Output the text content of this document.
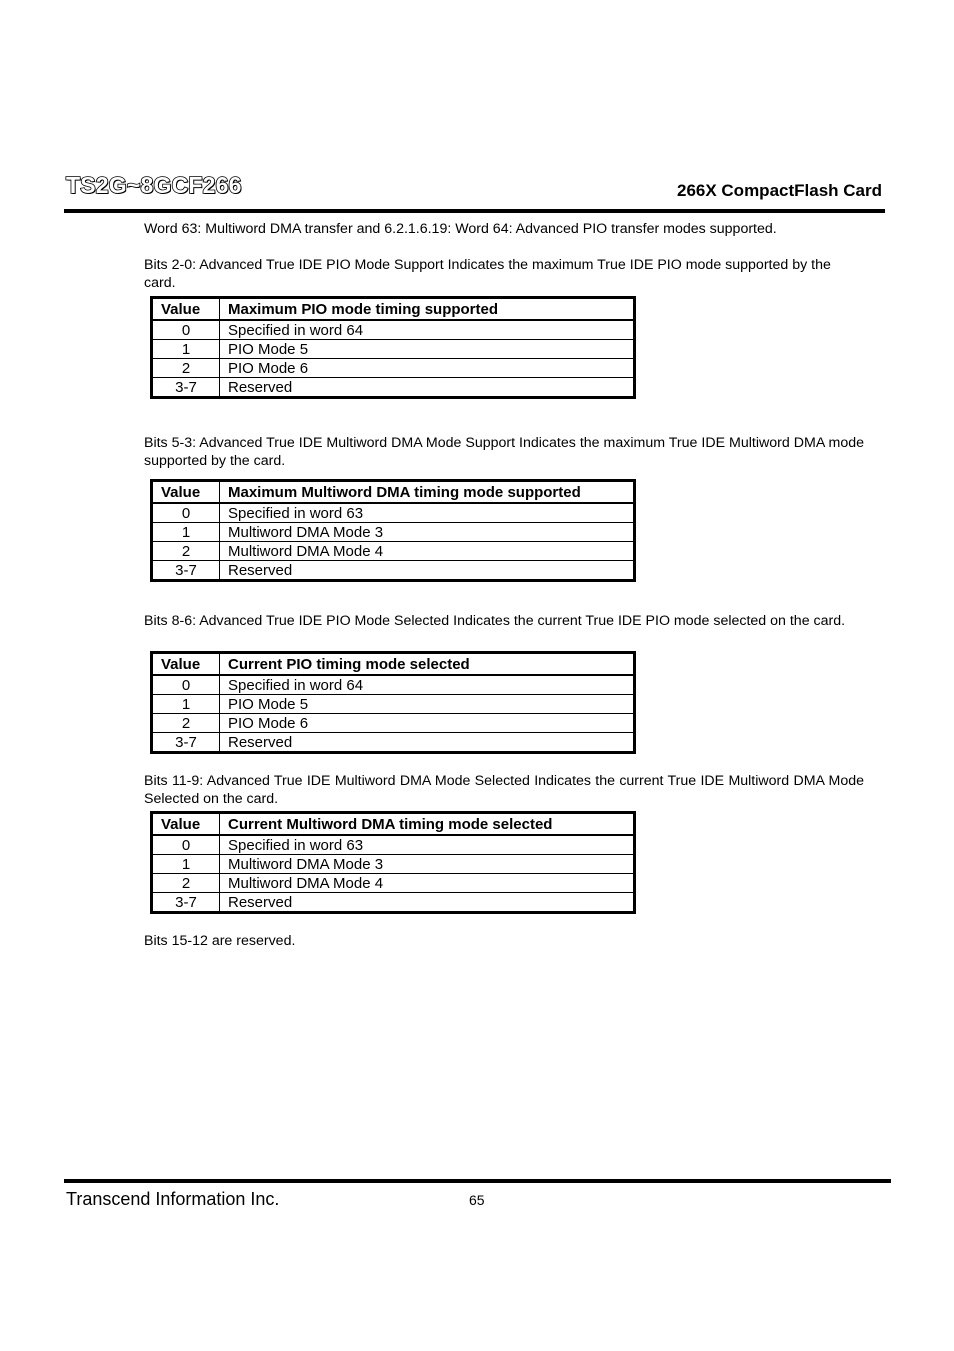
TS2G~8GCF266	266X CompactFlash Card

Word 63: Multiword DMA transfer and 6.2.1.6.19: Word 64: Advanced PIO transfer modes supported.

Bits 2-0: Advanced True IDE PIO Mode Support Indicates the maximum True IDE PIO mode supported by the card.

Value	Maximum PIO mode timing supported
0	Specified in word 64
1	PIO Mode 5
2	PIO Mode 6
3-7	Reserved

Bits 5-3: Advanced True IDE Multiword DMA Mode Support Indicates the maximum True IDE Multiword DMA mode supported by the card.

Value	Maximum Multiword DMA timing mode supported
0	Specified in word 63
1	Multiword DMA Mode 3
2	Multiword DMA Mode 4
3-7	Reserved

Bits 8-6: Advanced True IDE PIO Mode Selected Indicates the current True IDE PIO mode selected on the card.

Value	Current PIO timing mode selected
0	Specified in word 64
1	PIO Mode 5
2	PIO Mode 6
3-7	Reserved

Bits 11-9: Advanced True IDE Multiword DMA Mode Selected Indicates the current True IDE Multiword DMA Mode Selected on the card.

Value	Current Multiword DMA timing mode selected
0	Specified in word 63
1	Multiword DMA Mode 3
2	Multiword DMA Mode 4
3-7	Reserved

Bits 15-12 are reserved.

Transcend Information Inc.	65
